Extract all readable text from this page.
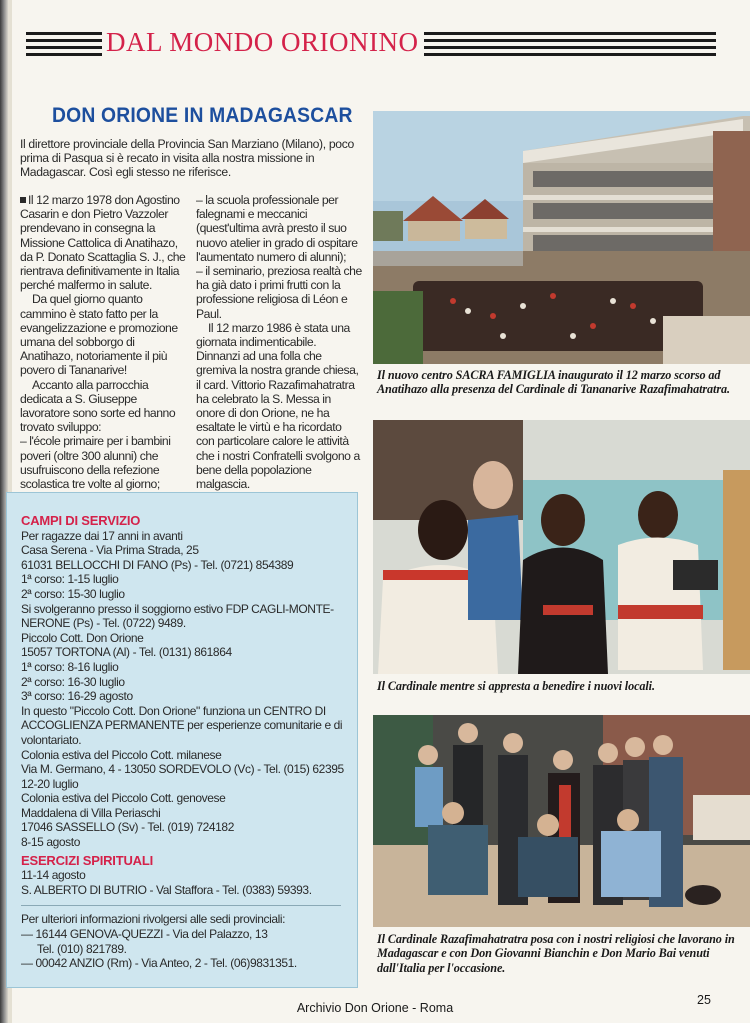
DAL MONDO ORIONINO
DON ORIONE IN MADAGASCAR
Il direttore provinciale della Provincia San Marziano (Milano), poco prima di Pasqua si è recato in visita alla nostra missione in Madagascar. Così egli stesso ne riferisce.

Il 12 marzo 1978 don Agostino Casarin e don Pietro Vazzoler prendevano in consegna la Missione Cattolica di Anatihazo, da P. Donato Scattaglia S. J., che rientrava definitivamente in Italia perché malfermo in salute.

Da quel giorno quanto cammino è stato fatto per la evangelizzazione e promozione umana del sobborgo di Anatihazo, notoriamente il più povero di Tananarive!

Accanto alla parrocchia dedicata a S. Giuseppe lavoratore sono sorte ed hanno trovato sviluppo:

– l'école primaire per i bambini poveri (oltre 300 alunni) che usufruiscono della refezione scolastica tre volte al giorno;

– la scuola professionale per falegnami e meccanici (quest'ultima avrà presto il suo nuovo atelier in grado di ospitare l'aumentato numero di alunni);

– il seminario, preziosa realtà che ha già dato i primi frutti con la professione religiosa di Léon e Paul.

Il 12 marzo 1986 è stata una giornata indimenticabile. Dinnanzi ad una folla che gremiva la nostra grande chiesa, il card. Vittorio Razafimahatratra ha celebrato la S. Messa in onore di don Orione, ne ha esaltate le virtù e ha ricordato con particolare calore le attività che i nostri Confratelli svolgono a bene della popolazione malgascia.

CAMPI DI SERVIZIO
Per ragazze dai 17 anni in avanti
Casa Serena - Via Prima Strada, 25
61031 BELLOCCHI DI FANO (Ps) - Tel. (0721) 854389
1ª corso: 1-15 luglio
2ª corso: 15-30 luglio
Si svolgeranno presso il soggiorno estivo FDP CAGLI-MONTE-NERONE (Ps) - Tel. (0722) 9489.
Piccolo Cott. Don Orione
15057 TORTONA (Al) - Tel. (0131) 861864
1ª corso: 8-16 luglio
2ª corso: 16-30 luglio
3ª corso: 16-29 agosto
In questo "Piccolo Cott. Don Orione" funziona un CENTRO DI ACCOGLIENZA PERMANENTE per esperienze comunitarie e di volontariato.
Colonia estiva del Piccolo Cott. milanese
Via M. Germano, 4 - 13050 SORDEVOLO (Vc) - Tel. (015) 62395
12-20 luglio
Colonia estiva del Piccolo Cott. genovese
Maddalena di Villa Periaschi
17046 SASSELLO (Sv) - Tel. (019) 724182
8-15 agosto
ESERCIZI SPIRITUALI
11-14 agosto
S. ALBERTO DI BUTRIO - Val Staffora - Tel. (0383) 59393.
Per ulteriori informazioni rivolgersi alle sedi provinciali:
— 16144 GENOVA-QUEZZI - Via del Palazzo, 13
Tel. (010) 821789.
— 00042 ANZIO (Rm) - Via Anteo, 2 - Tel. (06)9831351.
Il nuovo centro SACRA FAMIGLIA inaugurato il 12 marzo scorso ad Anatihazo alla presenza del Cardinale di Tananarive Razafimahatratra.
Il Cardinale mentre si appresta a benedire i nuovi locali.
Il Cardinale Razafimahatratra posa con i nostri religiosi che lavorano in Madagascar e con Don Giovanni Bianchin e Don Mario Bai venuti dall'Italia per l'occasione.
Archivio Don Orione - Roma
25
